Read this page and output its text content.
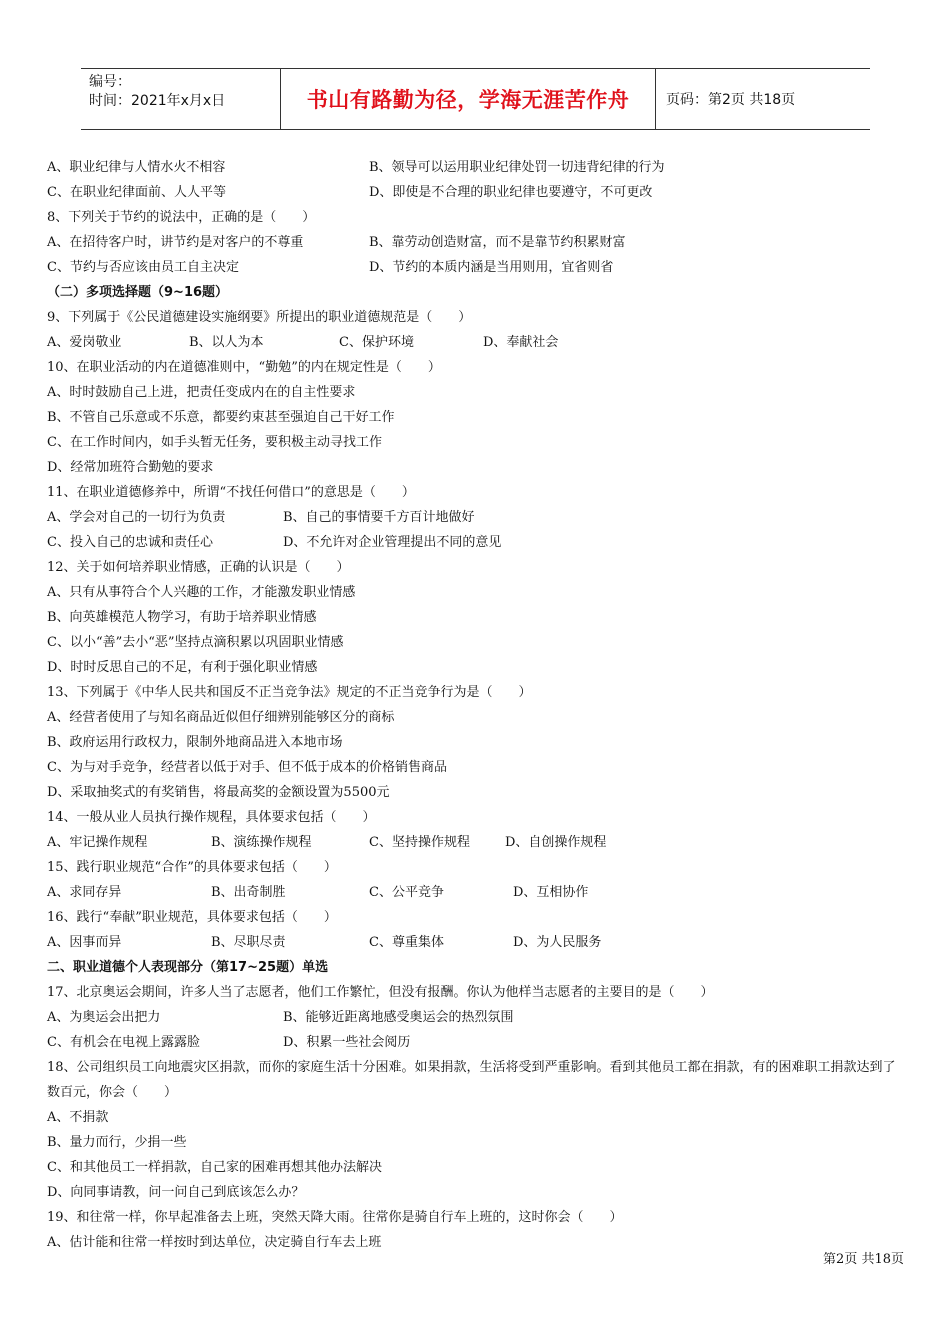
编号：
时间：2021年x月x日	书山有路勤为径，学海无涯苦作舟	页码：第2页 共18页
A、职业纪律与人情水火不相容	B、领导可以运用职业纪律处罚一切违背纪律的行为
C、在职业纪律面前、人人平等	D、即使是不合理的职业纪律也要遵守，不可更改
8、下列关于节约的说法中，正确的是（　　）
A、在招待客户时，讲节约是对客户的不尊重	B、靠劳动创造财富，而不是靠节约积累财富
C、节约与否应该由员工自主决定	D、节约的本质内涵是当用则用，宜省则省
（二）多项选择题（9~16题）
9、下列属于《公民道德建设实施纲要》所提出的职业道德规范是（　　）
A、爱岗敬业	B、以人为本	C、保护环境	D、奉献社会
10、在职业活动的内在道德准则中，“勤勉”的内在规定性是（　　）
A、时时鼓励自己上进，把责任变成内在的自主性要求
B、不管自己乐意或不乐意，都要约束甚至强迫自己干好工作
C、在工作时间内，如手头暂无任务，要积极主动寻找工作
D、经常加班符合勤勉的要求
11、在职业道德修养中，所谓“不找任何借口”的意思是（　　）
A、学会对自己的一切行为负责	B、自己的事情要千方百计地做好
C、投入自己的忠诚和责任心	D、不允许对企业管理提出不同的意见
12、关于如何培养职业情感，正确的认识是（　　）
A、只有从事符合个人兴趣的工作，才能激发职业情感
B、向英雄模范人物学习，有助于培养职业情感
C、以小“善”去小“恶”坚持点滴积累以巩固职业情感
D、时时反思自己的不足，有利于强化职业情感
13、下列属于《中华人民共和国反不正当竞争法》规定的不正当竞争行为是（　　）
A、经营者使用了与知名商品近似但仔细辨别能够区分的商标
B、政府运用行政权力，限制外地商品进入本地市场
C、为与对手竞争，经营者以低于对手、但不低于成本的价格销售商品
D、采取抽奖式的有奖销售，将最高奖的金额设置为5500元
14、一般从业人员执行操作规程，具体要求包括（　　）
A、牢记操作规程	B、演练操作规程	C、坚持操作规程	D、自创操作规程
15、践行职业规范“合作”的具体要求包括（　　）
A、求同存异	B、出奇制胜	C、公平竞争	D、互相协作
16、践行“奉献”职业规范，具体要求包括（　　）
A、因事而异	B、尽职尽责	C、尊重集体	D、为人民服务
二、职业道德个人表现部分（第17~25题）单选
17、北京奥运会期间，许多人当了志愿者，他们工作繁忙，但没有报酬。你认为他样当志愿者的主要目的是（　　）
A、为奥运会出把力	B、能够近距离地感受奥运会的热烈氛围
C、有机会在电视上露露脸	D、积累一些社会阅历
18、公司组织员工向地震灾区捐款，而你的家庭生活十分困难。如果捐款，生活将受到严重影响。看到其他员工都在捐款，有的困难职工捐款达到了数百元，你会（　　）
A、不捐款
B、量力而行，少捐一些
C、和其他员工一样捐款，自己家的困难再想其他办法解决
D、向同事请教，问一问自己到底该怎么办？
19、和往常一样，你早起准备去上班，突然天降大雨。往常你是骑自行车上班的，这时你会（　　）
A、估计能和往常一样按时到达单位，决定骑自行车去上班
第2页 共18页
